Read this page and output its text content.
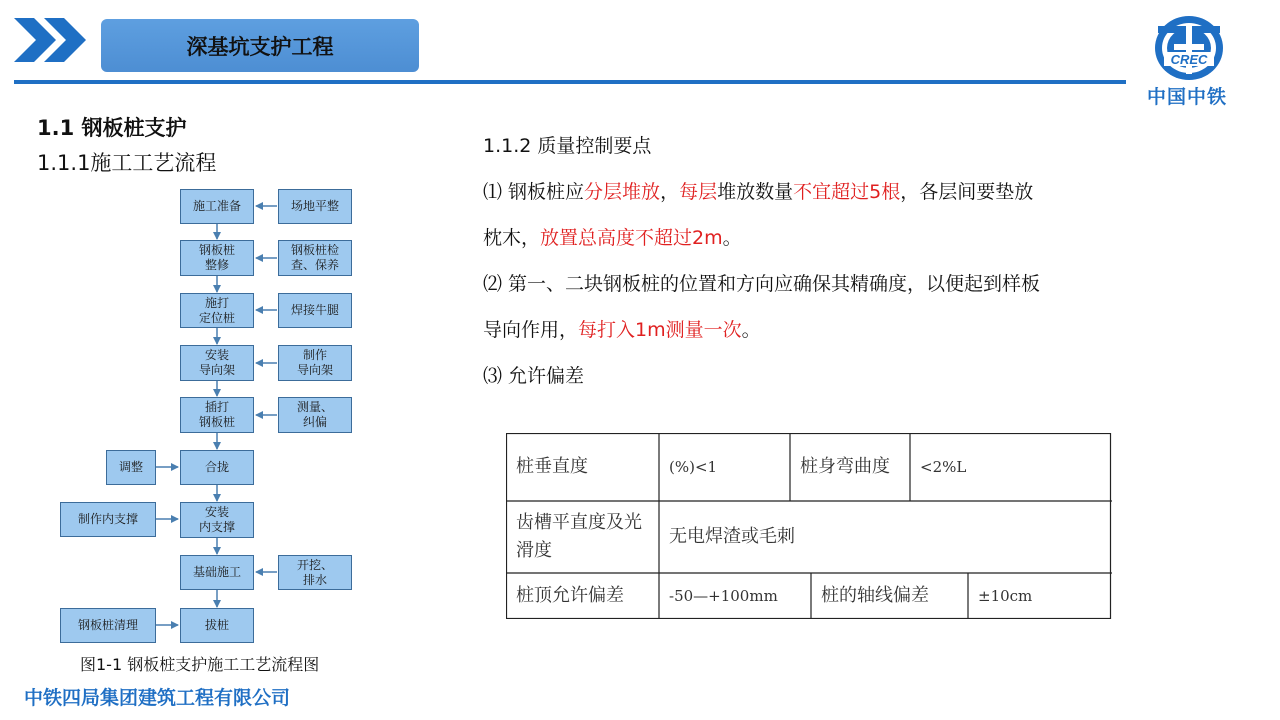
深基坑支护工程
CREC
中国中铁
1.1 钢板桩支护
1.1.1施工工艺流程
施工准备
钢板桩
整修
施打
定位桩
安装
导向架
插打
钢板桩
合拢
安装
内支撑
基础施工
拔桩
场地平整
钢板桩检
查、保养
焊接牛腿
制作
导向架
测量、
纠偏
开挖、
排水
调整
制作内支撑
钢板桩清理
图1-1 钢板桩支护施工工艺流程图
中铁四局集团建筑工程有限公司
1.1.2 质量控制要点
⑴ 钢板桩应分层堆放，每层堆放数量不宜超过5根，各层间要垫放
枕木，放置总高度不超过2m。
⑵ 第一、二块钢板桩的位置和方向应确保其精确度，以便起到样板
导向作用，每打入1m测量一次。
⑶ 允许偏差
桩垂直度	(%)<1	桩身弯曲度 <2%L
齿槽平直度及光
滑度
无电焊渣或毛刺
桩顶允许偏差	-50—+100mm 桩的轴线偏差	±10cm
